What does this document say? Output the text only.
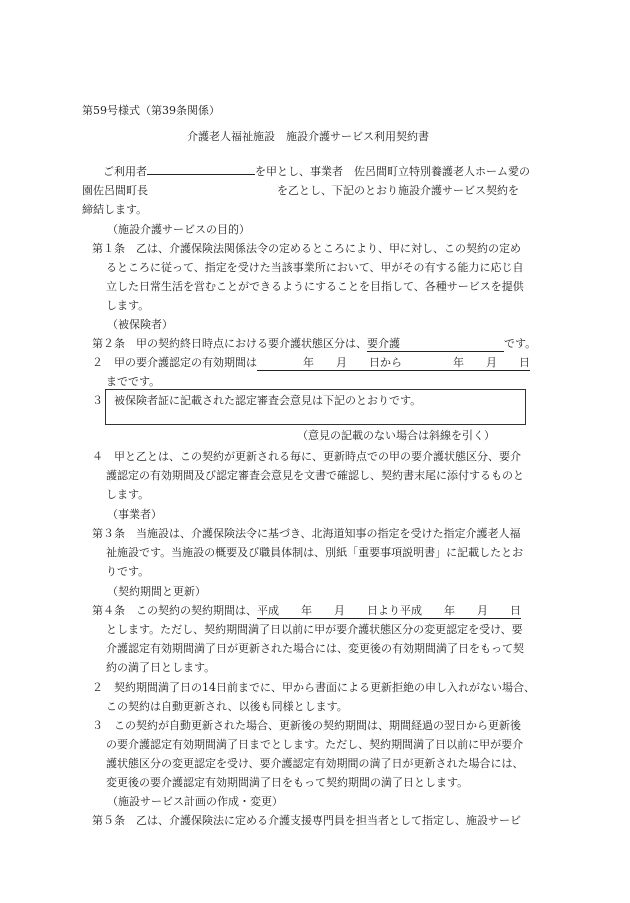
第59号様式（第39条関係）
介護老人福祉施設　施設介護サービス利用契約書
ご利用者	を甲とし、事業者　佐呂間町立特別養護老人ホーム愛の
園佐呂間町長	を乙とし、下記のとおり施設介護サービス契約を
締結します。
（施設介護サービスの目的）
第１条　乙は、介護保険法関係法令の定めるところにより、甲に対し、この契約の定め
るところに従って、指定を受けた当該事業所において、甲がその有する能力に応じ自
立した日常生活を営むことができるようにすることを目指して、各種サービスを提供
します。
（被保険者）
第２条　甲の契約終日時点における要介護状態区分は、要介護	です。
２　甲の要介護認定の有効期間は	年 月 日から	年 月 日
までです。
３　被保険者証に記載された認定審査会意見は下記のとおりです。
（意見の記載のない場合は斜線を引く）
４　甲と乙とは、この契約が更新される毎に、更新時点での甲の要介護状態区分、要介
護認定の有効期間及び認定審査会意見を文書で確認し、契約書末尾に添付するものと
します。
（事業者）
第３条　当施設は、介護保険法令に基づき、北海道知事の指定を受けた指定介護老人福
祉施設です。当施設の概要及び職員体制は、別紙「重要事項説明書」に記載したとお
りです。
（契約期間と更新）
第４条　この契約の契約期間は、平成　　年　　月　　日より平成　　年　　月　　日
とします。ただし、契約期間満了日以前に甲が要介護状態区分の変更認定を受け、要
介護認定有効期間満了日が更新された場合には、変更後の有効期間満了日をもって契
約の満了日とします。
２　契約期間満了日の14日前までに、甲から書面による更新拒絶の申し入れがない場合、
この契約は自動更新され、以後も同様とします。
３　この契約が自動更新された場合、更新後の契約期間は、期間経過の翌日から更新後
の要介護認定有効期間満了日までとします。ただし、契約期間満了日以前に甲が要介
護状態区分の変更認定を受け、要介護認定有効期間の満了日が更新された場合には、
変更後の要介護認定有効期間満了日をもって契約期間の満了日とします。
（施設サービス計画の作成・変更）
第５条　乙は、介護保険法に定める介護支援専門員を担当者として指定し、施設サービ
